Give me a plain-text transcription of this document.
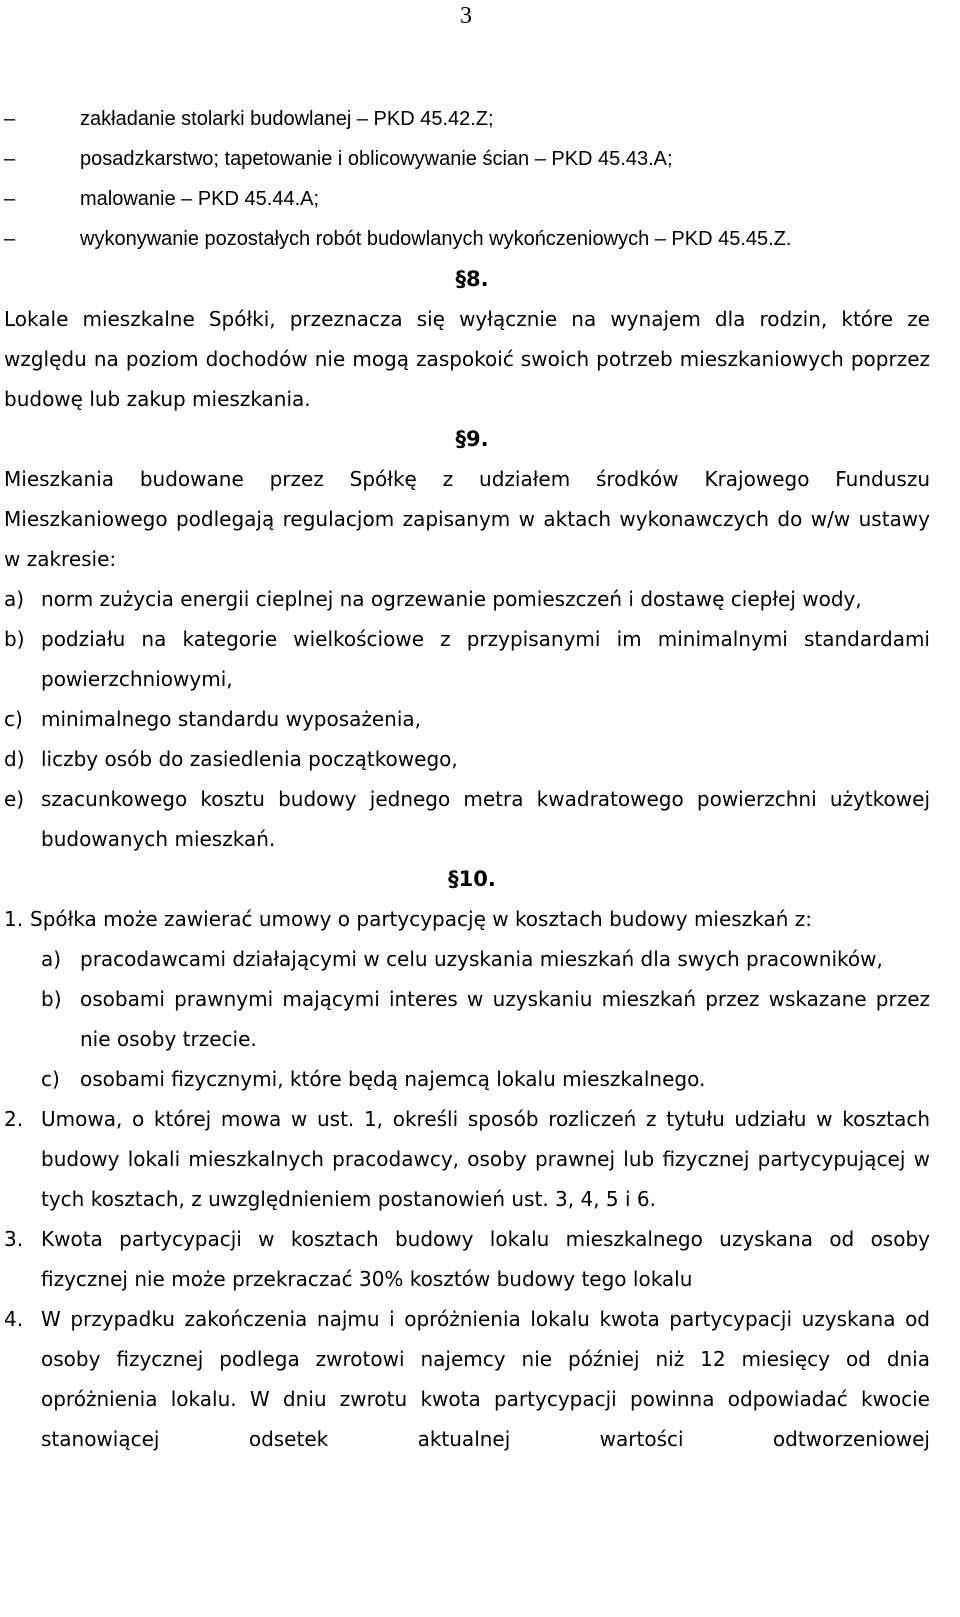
3
–	zakładanie stolarki budowlanej – PKD 45.42.Z;
–	posadzkarstwo; tapetowanie i oblicowywanie ścian – PKD 45.43.A;
–	malowanie – PKD 45.44.A;
–	wykonywanie pozostałych robót budowlanych wykończeniowych – PKD 45.45.Z.
§8.

Lokale mieszkalne Spółki, przeznacza się wyłącznie na wynajem dla rodzin, które ze względu na poziom dochodów nie mogą zaspokoić swoich potrzeb mieszkaniowych poprzez budowę lub zakup mieszkania.

§9.

Mieszkania budowane przez Spółkę z udziałem środków Krajowego Funduszu Mieszkaniowego podlegają regulacjom zapisanym w aktach wykonawczych do w/w ustawy w zakresie:

a) norm zużycia energii cieplnej na ogrzewanie pomieszczeń i dostawę ciepłej wody,
b) podziału na kategorie wielkościowe z przypisanymi im minimalnymi standardami powierzchniowymi,
c) minimalnego standardu wyposażenia,
d) liczby osób do zasiedlenia początkowego,
e) szacunkowego kosztu budowy jednego metra kwadratowego powierzchni użytkowej budowanych mieszkań.
§10.
1. Spółka może zawierać umowy o partycypację w kosztach budowy mieszkań z:
a) pracodawcami działającymi w celu uzyskania mieszkań dla swych pracowników,
b) osobami prawnymi mającymi interes w uzyskaniu mieszkań przez wskazane przez nie osoby trzecie.
c) osobami fizycznymi, które będą najemcą lokalu mieszkalnego.
2. Umowa, o której mowa w ust. 1, określi sposób rozliczeń z tytułu udziału w kosztach budowy lokali mieszkalnych pracodawcy, osoby prawnej lub fizycznej partycypującej w tych kosztach, z uwzględnieniem postanowień ust. 3, 4, 5 i 6.
3. Kwota partycypacji w kosztach budowy lokalu mieszkalnego uzyskana od osoby fizycznej nie może przekraczać 30% kosztów budowy tego lokalu
4. W przypadku zakończenia najmu i opróżnienia lokalu kwota partycypacji uzyskana od osoby fizycznej podlega zwrotowi najemcy nie później niż 12 miesięcy od dnia opróżnienia lokalu. W dniu zwrotu kwota partycypacji powinna odpowiadać kwocie stanowiącej odsetek aktualnej wartości odtworzeniowej
